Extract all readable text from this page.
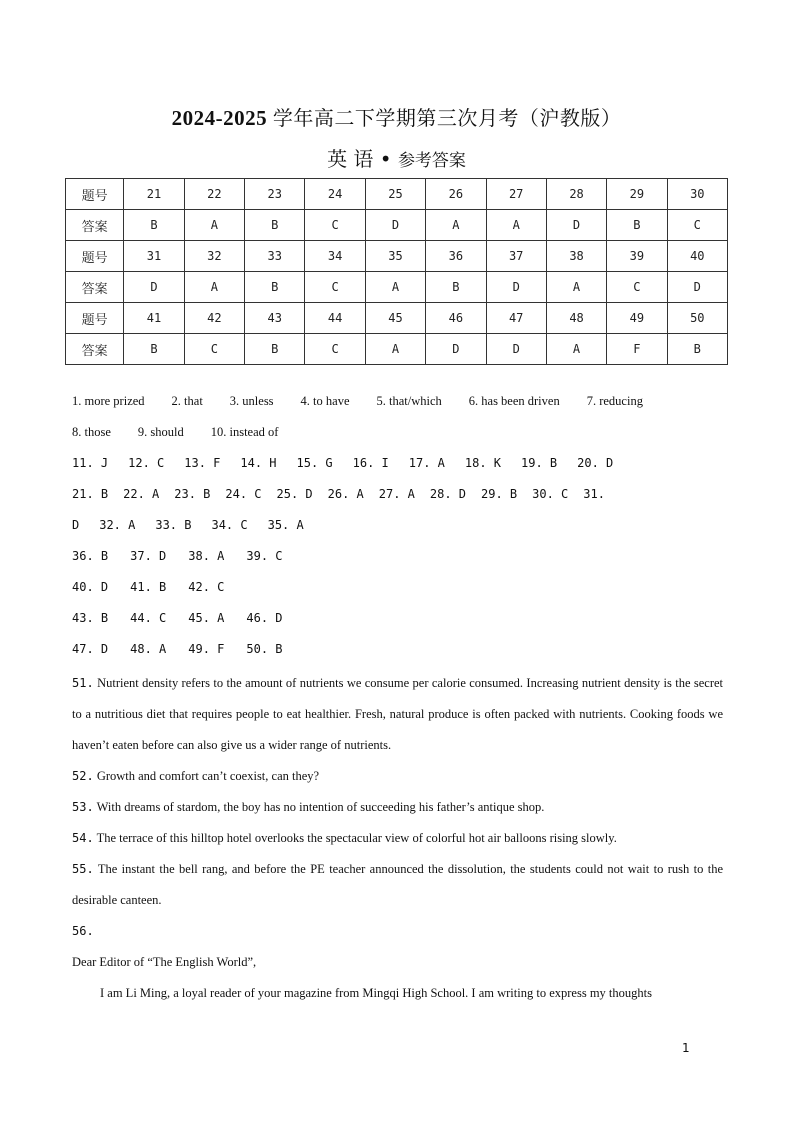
2024-2025 学年高二下学期第三次月考（沪教版）
英 语 • 参考答案
题号	21	22	23	24	25	26	27	28	29	30
答案	B	A	B	C	D	A	A	D	B	C
题号	31	32	33	34	35	36	37	38	39	40
答案	D	A	B	C	A	B	D	A	C	D
题号	41	42	43	44	45	46	47	48	49	50
答案	B	C	B	C	A	D	D	A	F	B
1. more prized 2. that 3. unless 4. to have 5. that/which 6. has been driven 7. reducing
8. those 9. should 10. instead of
11. J 12. C 13. F 14. H 15. G 16. I 17. A 18. K 19. B 20. D
21. B 22. A 23. B 24. C 25. D 26. A 27. A 28. D 29. B 30. C 31.
D 32. A 33. B 34. C 35. A
36. B 37. D 38. A 39. C
40. D 41. B 42. C
43. B 44. C 45. A 46. D
47. D 48. A 49. F 50. B
51. Nutrient density refers to the amount of nutrients we consume per calorie consumed. Increasing nutrient density is the secret to a nutritious diet that requires people to eat healthier. Fresh, natural produce is often packed with nutrients. Cooking foods we haven’t eaten before can also give us a wider range of nutrients.
52. Growth and comfort can’t coexist, can they?
53. With dreams of stardom, the boy has no intention of succeeding his father’s antique shop.
54. The terrace of this hilltop hotel overlooks the spectacular view of colorful hot air balloons rising slowly.
55. The instant the bell rang, and before the PE teacher announced the dissolution, the students could not wait to rush to the desirable canteen.
56.
Dear Editor of “The English World”,
I am Li Ming, a loyal reader of your magazine from Mingqi High School. I am writing to express my thoughts
1
